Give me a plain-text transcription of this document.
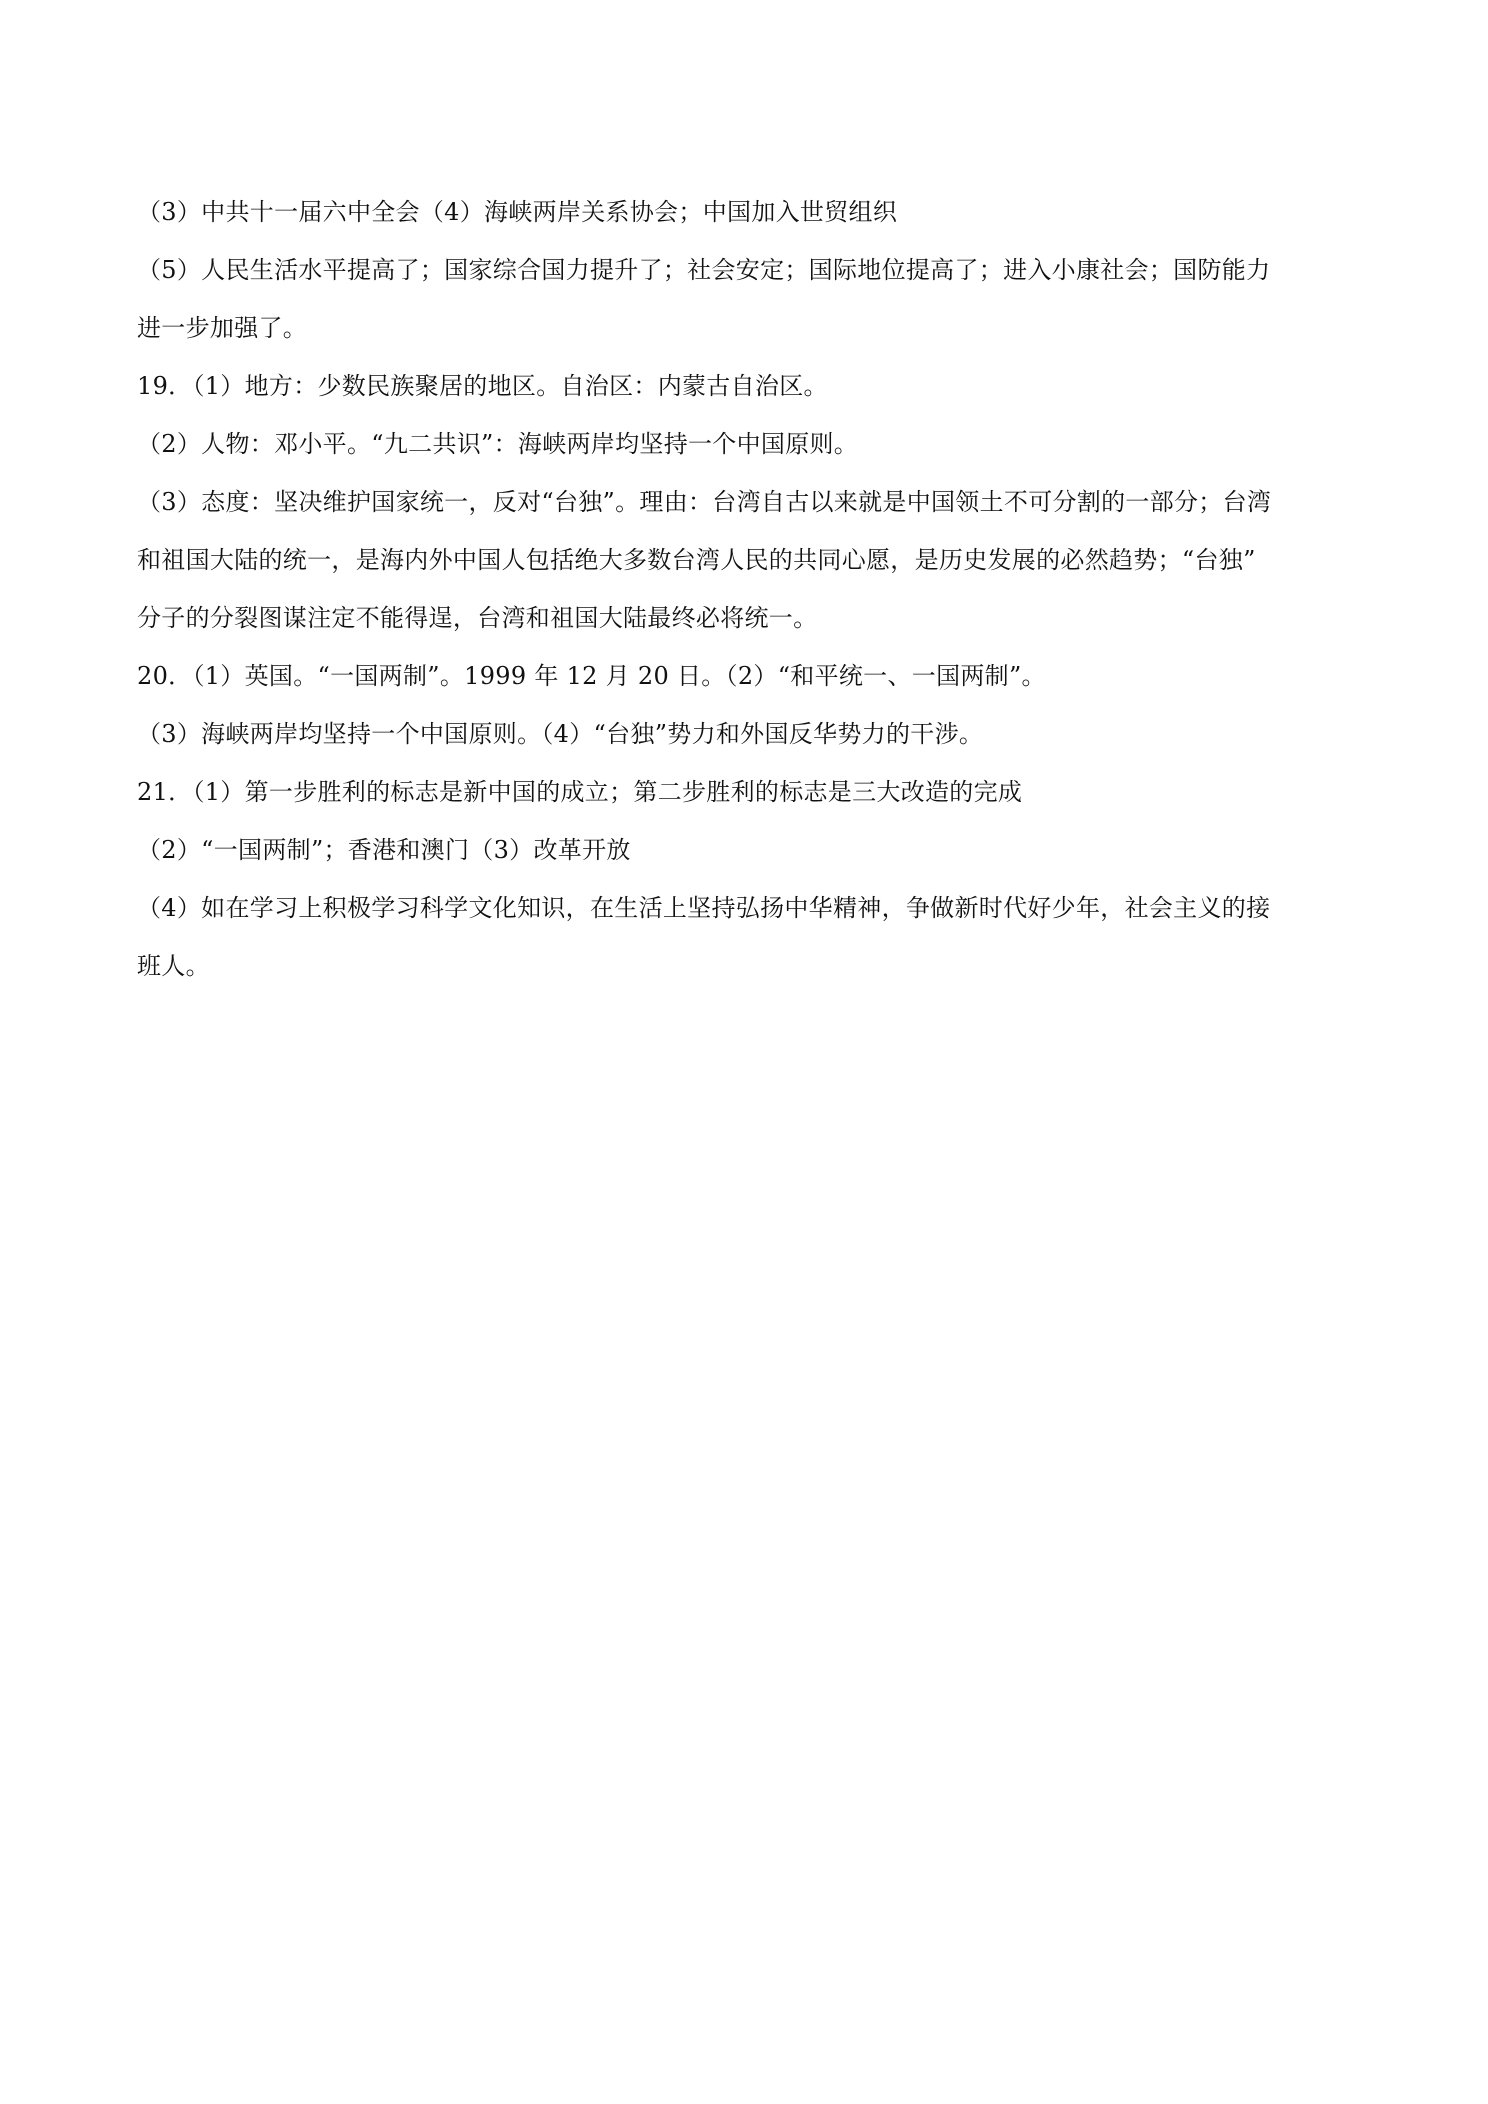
（3）中共十一届六中全会（4）海峡两岸关系协会；中国加入世贸组织
（5）人民生活水平提高了；国家综合国力提升了；社会安定；国际地位提高了；进入小康社会；国防能力
进一步加强了。
19．（1）地方：少数民族聚居的地区。自治区：内蒙古自治区。
（2）人物：邓小平。“九二共识”：海峡两岸均坚持一个中国原则。
（3）态度：坚决维护国家统一，反对“台独”。理由：台湾自古以来就是中国领土不可分割的一部分；台湾
和祖国大陆的统一，是海内外中国人包括绝大多数台湾人民的共同心愿，是历史发展的必然趋势；“台独”
分子的分裂图谋注定不能得逞，台湾和祖国大陆最终必将统一。
20．（1）英国。“一国两制”。1999 年 12 月 20 日。（2）“和平统一、一国两制”。
（3）海峡两岸均坚持一个中国原则。（4）“台独”势力和外国反华势力的干涉。
21．（1）第一步胜利的标志是新中国的成立；第二步胜利的标志是三大改造的完成
（2）“一国两制”；香港和澳门（3）改革开放
（4）如在学习上积极学习科学文化知识，在生活上坚持弘扬中华精神，争做新时代好少年，社会主义的接
班人。
